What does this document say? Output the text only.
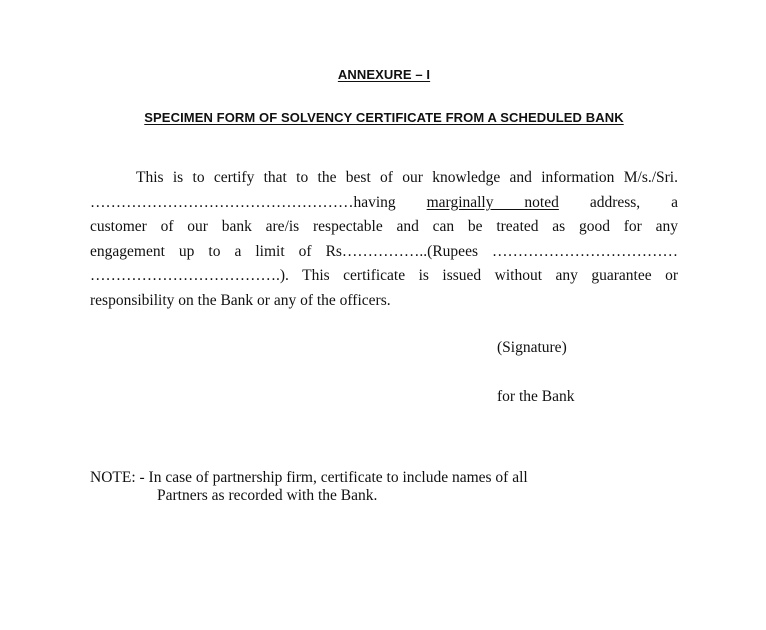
ANNEXURE – I
SPECIMEN FORM OF SOLVENCY CERTIFICATE FROM A SCHEDULED BANK
This is to certify that to the best of our knowledge and information M/s./Sri.
……………………………………………having marginally noted address, a
customer of our bank are/is respectable and can be treated as good for any
engagement up to a limit of Rs……………..(Rupees ………………………………
……………………………….). This certificate is issued without any guarantee or
responsibility on the Bank or any of the officers.
(Signature)
for the Bank
NOTE: - In case of partnership firm, certificate to include names of all
Partners as recorded with the Bank.
